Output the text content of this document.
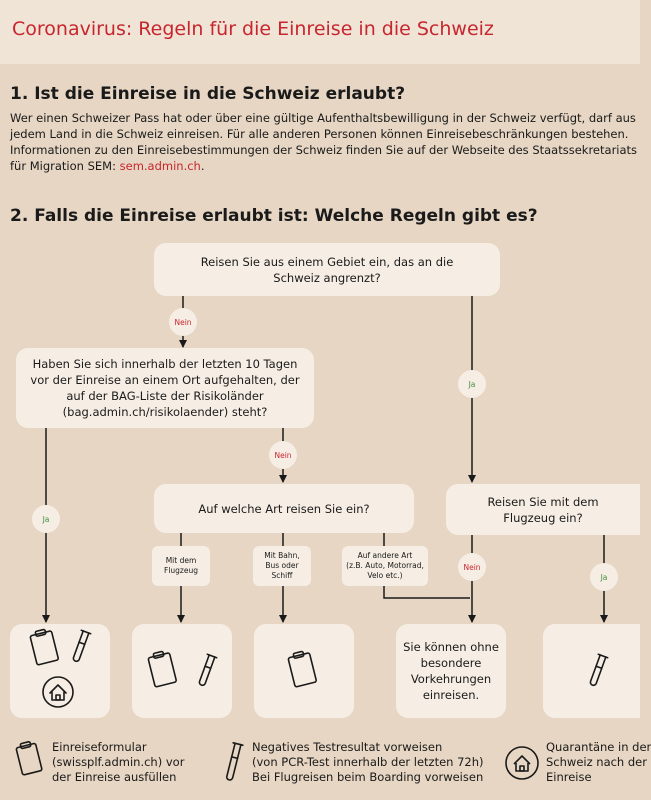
Coronavirus: Regeln für die Einreise in die Schweiz
1. Ist die Einreise in die Schweiz erlaubt?
Wer einen Schweizer Pass hat oder über eine gültige Aufenthaltsbewilligung in der Schweiz verfügt, darf aus
jedem Land in die Schweiz einreisen. Für alle anderen Personen können Einreisebeschränkungen bestehen.
Informationen zu den Einreisebestimmungen der Schweiz finden Sie auf der Webseite des Staatssekretariats
für Migration SEM: sem.admin.ch.
2. Falls die Einreise erlaubt ist: Welche Regeln gibt es?
Reisen Sie aus einem Gebiet ein, das an die
Schweiz angrenzt?
Haben Sie sich innerhalb der letzten 10 Tagen
vor der Einreise an einem Ort aufgehalten, der
auf der BAG-Liste der Risikoländer
(bag.admin.ch/risikolaender) steht?
Auf welche Art reisen Sie ein?	Reisen Sie mit dem
Flugzeug ein?
Mit dem
Flugzeug
Mit Bahn,
Bus oder
Schiff
Auf andere Art
(z.B. Auto, Motorrad,
Velo etc.)
Nein
Ja
Nein
Ja
Nein
Ja
Sie können ohne
besondere
Vorkehrungen
einreisen.
Einreiseformular
(swissplf.admin.ch) vor
der Einreise ausfüllen
Negatives Testresultat vorweisen
(von PCR-Test innerhalb der letzten 72h)
Bei Flugreisen beim Boarding vorweisen
Quarantäne in der
Schweiz nach der
Einreise
